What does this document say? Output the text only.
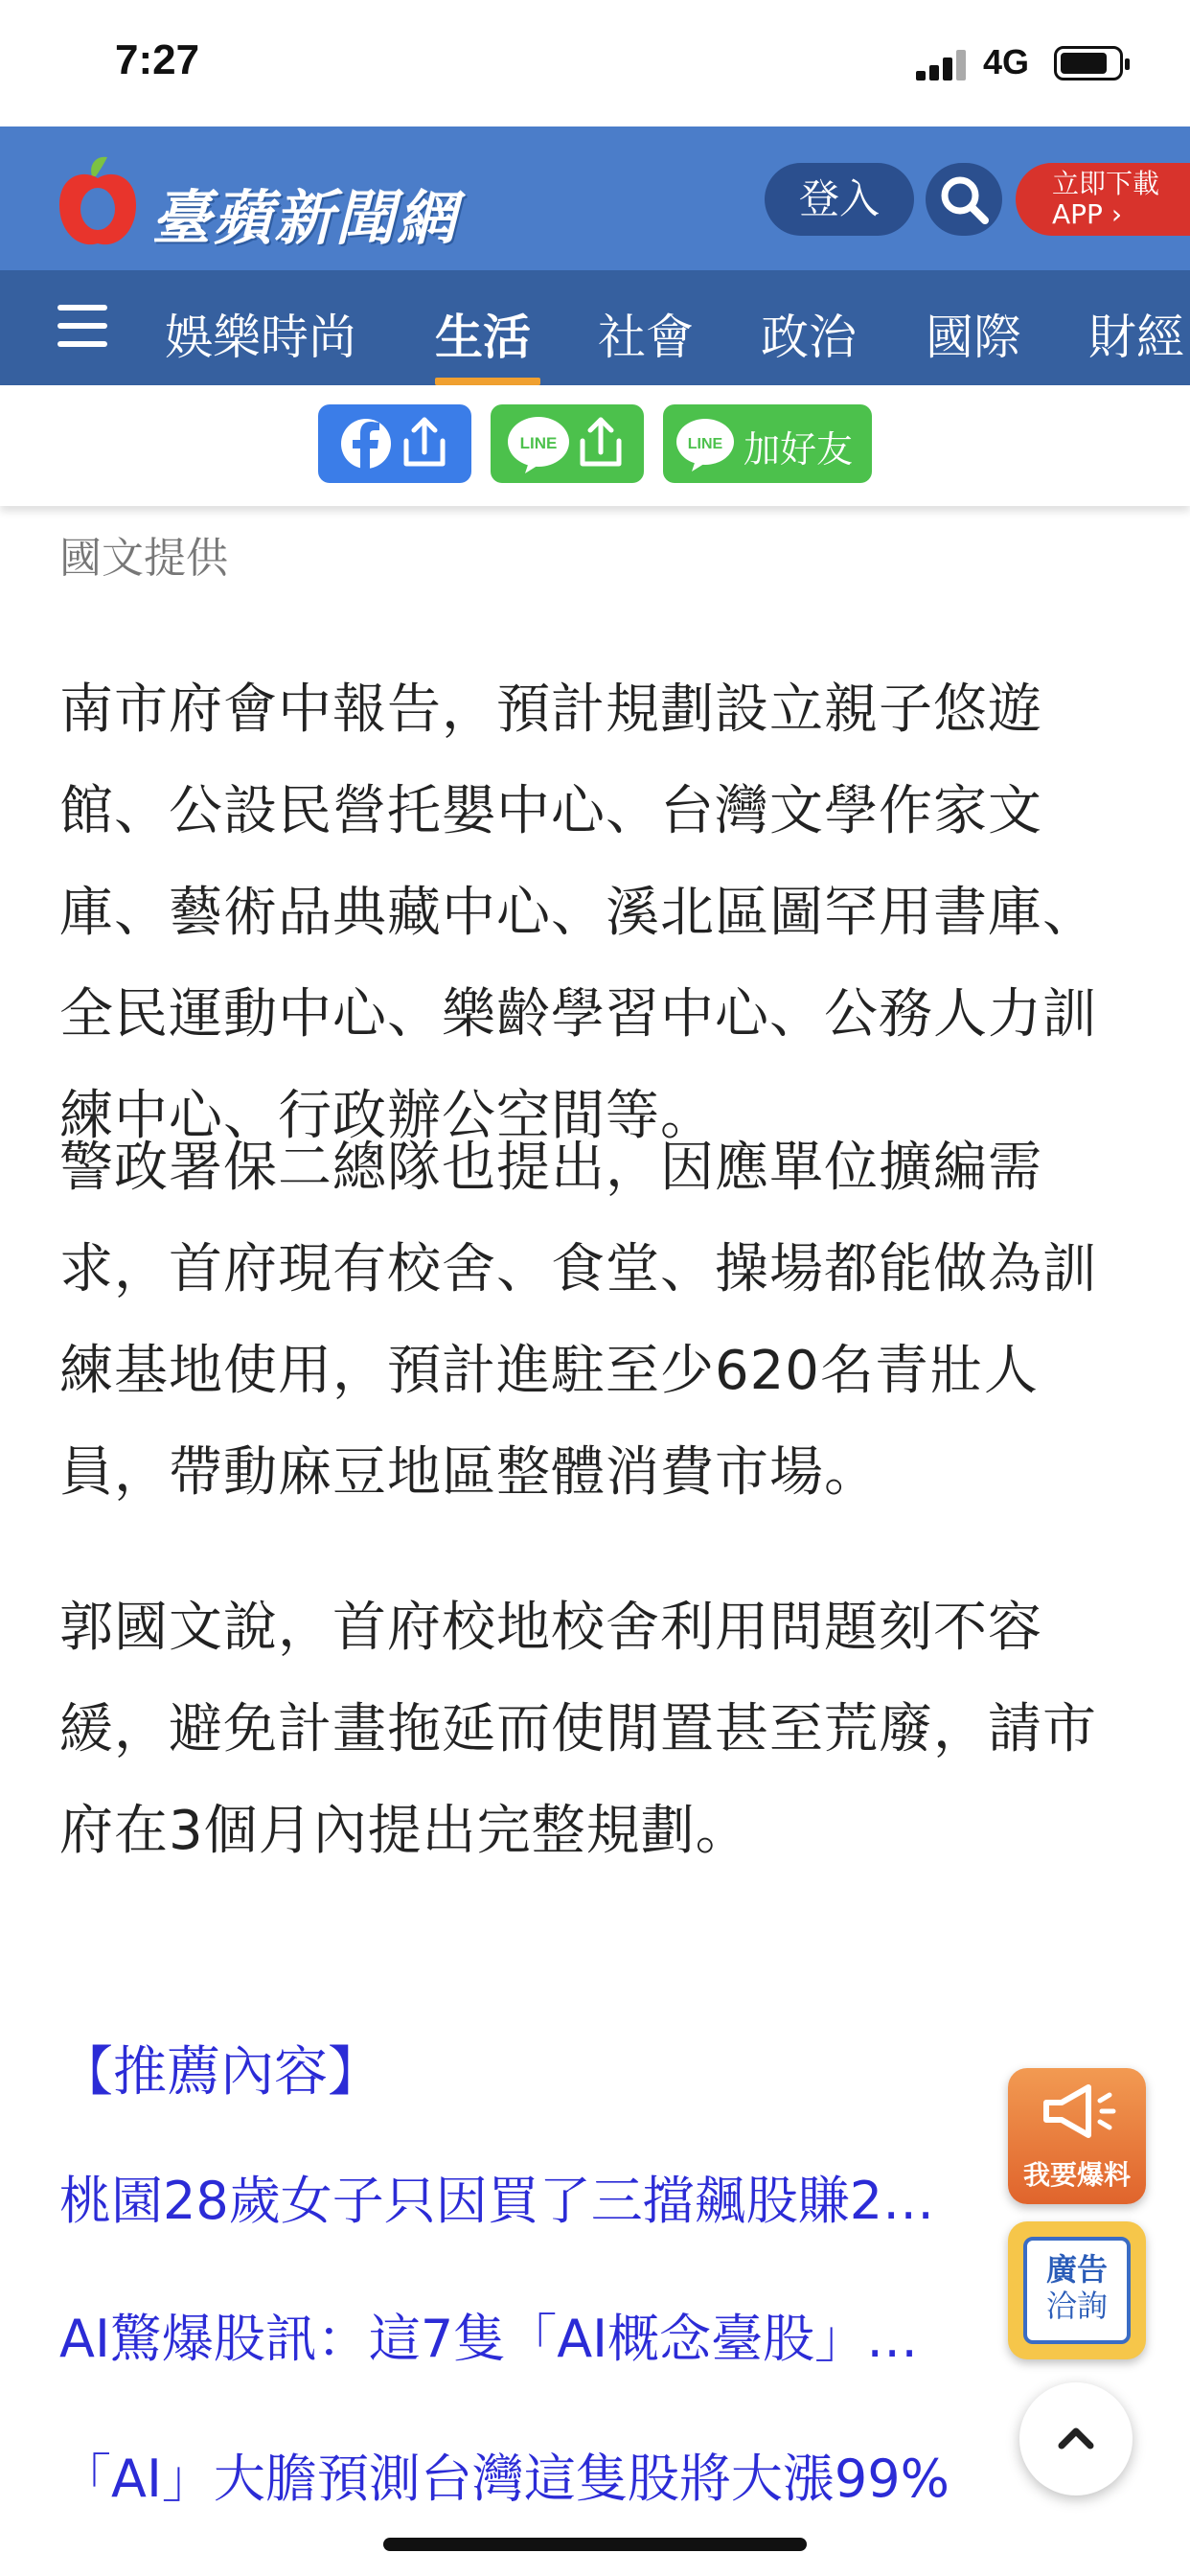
7:27	4G
臺蘋新聞網	登入	立即下載
APP ›
娛樂時尚 生活 社會 政治 國際 財經
LINE	LINE 加好友
國文提供

南市府會中報告，預計規劃設立親子悠遊館、公設民營托嬰中心、台灣文學作家文庫、藝術品典藏中心、溪北區圖罕用書庫、全民運動中心、樂齡學習中心、公務人力訓練中心、行政辦公空間等。

警政署保二總隊也提出，因應單位擴編需求，首府現有校舍、食堂、操場都能做為訓練基地使用，預計進駐至少620名青壯人員，帶動麻豆地區整體消費市場。

郭國文說，首府校地校舍利用問題刻不容緩，避免計畫拖延而使閒置甚至荒廢，請市府在3個月內提出完整規劃。

【推薦內容】
桃園28歲女子只因買了三擋飆股賺2…
AI驚爆股訊：這7隻「AI概念臺股」…
「AI」大膽預測台灣這隻股將大漲99%
我要爆料
廣告
洽詢
